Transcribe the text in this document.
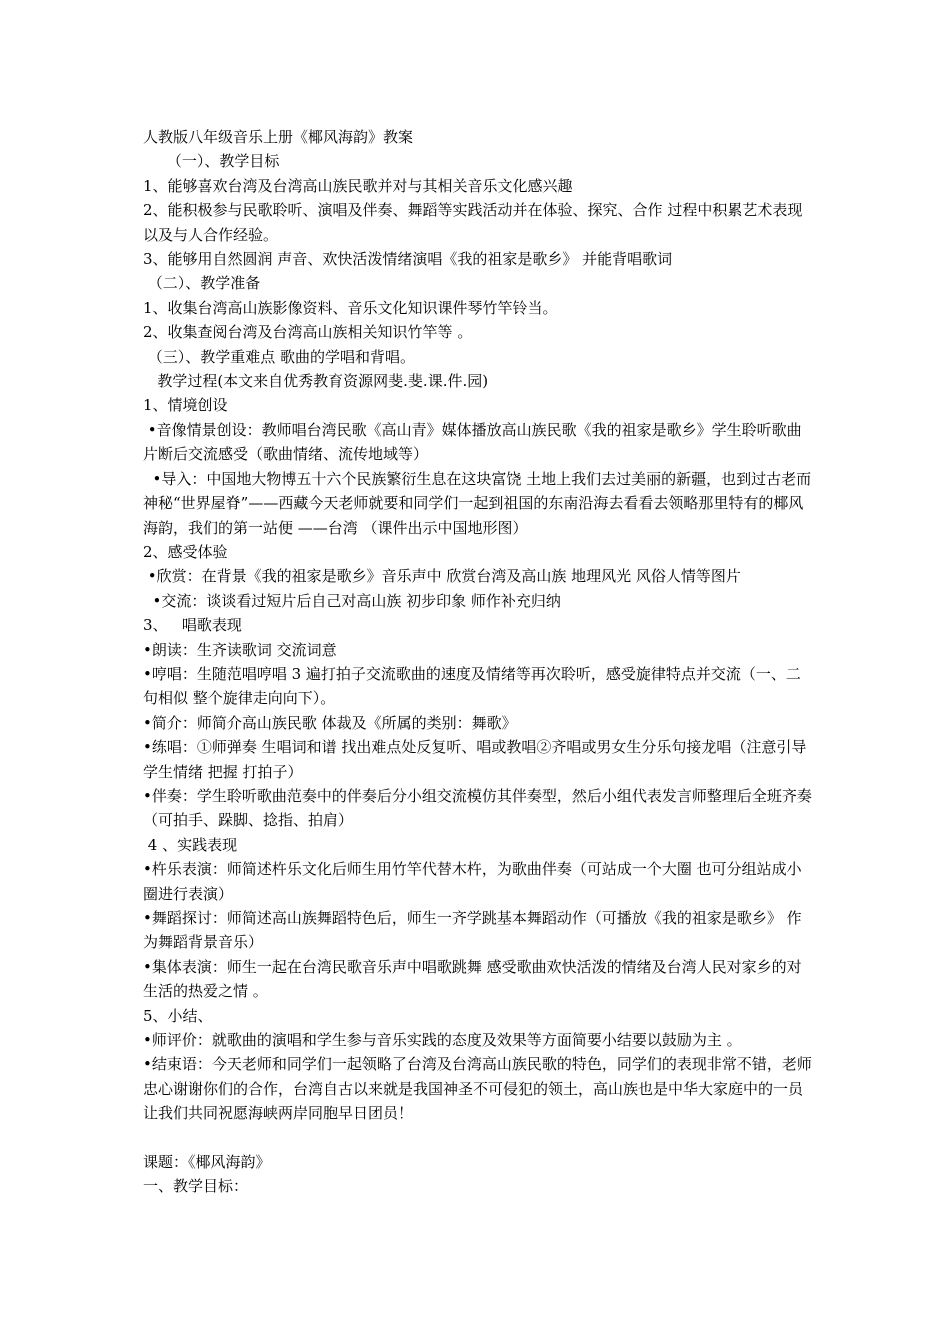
人教版八年级音乐上册《椰风海韵》教案

（一）、教学目标

1、能够喜欢台湾及台湾高山族民歌并对与其相关音乐文化感兴趣

2、能积极参与民歌聆听、演唱及伴奏、舞蹈等实践活动并在体验、探究、合作 过程中积累艺术表现以及与人合作经验。

3、能够用自然圆润 声音、欢快活泼情绪演唱《我的祖家是歌乡》 并能背唱歌词

（二）、教学准备

1、收集台湾高山族影像资料、音乐文化知识课件琴竹竿铃当。

2、收集查阅台湾及台湾高山族相关知识竹竿等 。

（三）、教学重难点 歌曲的学唱和背唱。

教学过程(本文来自优秀教育资源网斐.斐.课.件.园)

1、情境创设

•音像情景创设：教师唱台湾民歌《高山青》媒体播放高山族民歌《我的祖家是歌乡》学生聆听歌曲片断后交流感受（歌曲情绪、流传地域等）

•导入：中国地大物博五十六个民族繁衍生息在这块富饶 土地上我们去过美丽的新疆，也到过古老而神秘“世界屋脊”——西藏今天老师就要和同学们一起到祖国的东南沿海去看看去领略那里特有的椰风海韵，我们的第一站便 ——台湾 （课件出示中国地形图）

2、感受体验

•欣赏：在背景《我的祖家是歌乡》音乐声中 欣赏台湾及高山族 地理风光 风俗人情等图片

•交流：谈谈看过短片后自己对高山族 初步印象 师作补充归纳

3、   唱歌表现

•朗读：生齐读歌词 交流词意

•哼唱：生随范唱哼唱 3 遍打拍子交流歌曲的速度及情绪等再次聆听，感受旋律特点并交流（一、二句相似 整个旋律走向向下）。

•简介：师简介高山族民歌 体裁及《所属的类别：舞歌》

•练唱：①师弹奏 生唱词和谱 找出难点处反复听、唱或教唱②齐唱或男女生分乐句接龙唱（注意引导学生情绪 把握 打拍子）

•伴奏：学生聆听歌曲范奏中的伴奏后分小组交流模仿其伴奏型，然后小组代表发言师整理后全班齐奏 （可拍手、跺脚、捻指、拍肩）

4 、实践表现

•杵乐表演：师简述杵乐文化后师生用竹竿代替木杵，为歌曲伴奏（可站成一个大圈 也可分组站成小圈进行表演）

•舞蹈探讨：师简述高山族舞蹈特色后，师生一齐学跳基本舞蹈动作（可播放《我的祖家是歌乡》 作为舞蹈背景音乐）

•集体表演：师生一起在台湾民歌音乐声中唱歌跳舞 感受歌曲欢快活泼的情绪及台湾人民对家乡的对生活的热爱之情 。

5、小结、

•师评价：就歌曲的演唱和学生参与音乐实践的态度及效果等方面简要小结要以鼓励为主 。

•结束语：今天老师和同学们一起领略了台湾及台湾高山族民歌的特色，同学们的表现非常不错，老师忠心谢谢你们的合作，台湾自古以来就是我国神圣不可侵犯的领土，高山族也是中华大家庭中的一员让我们共同祝愿海峡两岸同胞早日团员！

课题：《椰风海韵》

一、教学目标：
